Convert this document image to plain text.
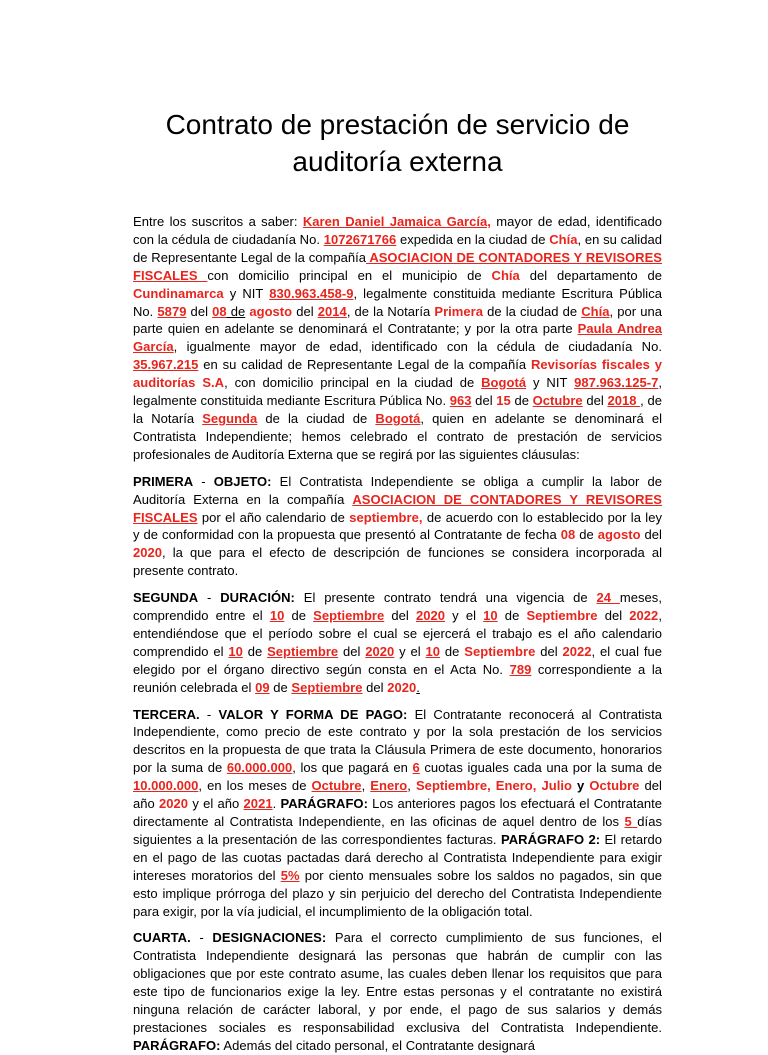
Contrato de prestación de servicio de auditoría externa

Entre los suscritos a saber: Karen Daniel Jamaica García, mayor de edad, identificado con la cédula de ciudadanía No. 1072671766 expedida en la ciudad de Chía, en su calidad de Representante Legal de la compañía ASOCIACION DE CONTADORES Y REVISORES FISCALES con domicilio principal en el municipio de Chía del departamento de Cundinamarca y NIT 830.963.458-9, legalmente constituida mediante Escritura Pública No. 5879 del 08 de agosto del 2014, de la Notaría Primera de la ciudad de Chía, por una parte quien en adelante se denominará el Contratante; y por la otra parte Paula Andrea García, igualmente mayor de edad, identificado con la cédula de ciudadanía No. 35.967.215 en su calidad de Representante Legal de la compañía Revisorías fiscales y auditorías S.A, con domicilio principal en la ciudad de Bogotá y NIT 987.963.125-7, legalmente constituida mediante Escritura Pública No. 963 del 15 de Octubre del 2018 , de la Notaría Segunda de la ciudad de Bogotá, quien en adelante se denominará el Contratista Independiente; hemos celebrado el contrato de prestación de servicios profesionales de Auditoría Externa que se regirá por las siguientes cláusulas:

PRIMERA - OBJETO: El Contratista Independiente se obliga a cumplir la labor de Auditoría Externa en la compañía ASOCIACION DE CONTADORES Y REVISORES FISCALES por el año calendario de septiembre, de acuerdo con lo establecido por la ley y de conformidad con la propuesta que presentó al Contratante de fecha 08 de agosto del 2020, la que para el efecto de descripción de funciones se considera incorporada al presente contrato.

SEGUNDA - DURACIÓN: El presente contrato tendrá una vigencia de 24 meses, comprendido entre el 10 de Septiembre del 2020 y el 10 de Septiembre del 2022, entendiéndose que el período sobre el cual se ejercerá el trabajo es el año calendario comprendido el 10 de Septiembre del 2020 y el 10 de Septiembre del 2022, el cual fue elegido por el órgano directivo según consta en el Acta No. 789 correspondiente a la reunión celebrada el 09 de Septiembre del 2020.

TERCERA. - VALOR Y FORMA DE PAGO: El Contratante reconocerá al Contratista Independiente, como precio de este contrato y por la sola prestación de los servicios descritos en la propuesta de que trata la Cláusula Primera de este documento, honorarios por la suma de 60.000.000, los que pagará en 6 cuotas iguales cada una por la suma de 10.000.000, en los meses de Octubre, Enero, Septiembre, Enero, Julio y Octubre del año 2020 y el año 2021. PARÁGRAFO: Los anteriores pagos los efectuará el Contratante directamente al Contratista Independiente, en las oficinas de aquel dentro de los 5 días siguientes a la presentación de las correspondientes facturas. PARÁGRAFO 2: El retardo en el pago de las cuotas pactadas dará derecho al Contratista Independiente para exigir intereses moratorios del 5% por ciento mensuales sobre los saldos no pagados, sin que esto implique prórroga del plazo y sin perjuicio del derecho del Contratista Independiente para exigir, por la vía judicial, el incumplimiento de la obligación total.

CUARTA. - DESIGNACIONES: Para el correcto cumplimiento de sus funciones, el Contratista Independiente designará las personas que habrán de cumplir con las obligaciones que por este contrato asume, las cuales deben llenar los requisitos que para este tipo de funcionarios exige la ley. Entre estas personas y el contratante no existirá ninguna relación de carácter laboral, y por ende, el pago de sus salarios y demás prestaciones sociales es responsabilidad exclusiva del Contratista Independiente. PARÁGRAFO: Además del citado personal, el Contratante designará
